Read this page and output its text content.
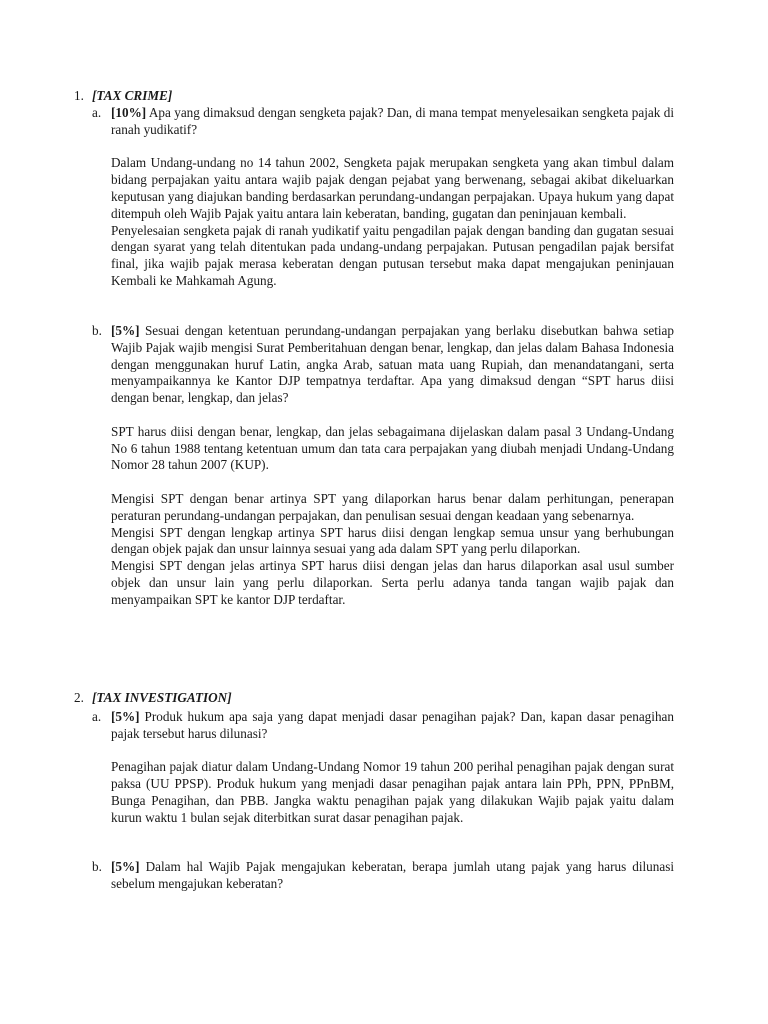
1. [TAX CRIME]
a. [10%] Apa yang dimaksud dengan sengketa pajak? Dan, di mana tempat menyelesaikan sengketa pajak di ranah yudikatif?

Dalam Undang-undang no 14 tahun 2002, Sengketa pajak merupakan sengketa yang akan timbul dalam bidang perpajakan yaitu antara wajib pajak dengan pejabat yang berwenang, sebagai akibat dikeluarkan keputusan yang diajukan banding berdasarkan perundang-undangan perpajakan. Upaya hukum yang dapat ditempuh oleh Wajib Pajak yaitu antara lain keberatan, banding, gugatan dan peninjauan kembali.

Penyelesaian sengketa pajak di ranah yudikatif yaitu pengadilan pajak dengan banding dan gugatan sesuai dengan syarat yang telah ditentukan pada undang-undang perpajakan. Putusan pengadilan pajak bersifat final, jika wajib pajak merasa keberatan dengan putusan tersebut maka dapat mengajukan peninjauan Kembali ke Mahkamah Agung.

b. [5%] Sesuai dengan ketentuan perundang-undangan perpajakan yang berlaku disebutkan bahwa setiap Wajib Pajak wajib mengisi Surat Pemberitahuan dengan benar, lengkap, dan jelas dalam Bahasa Indonesia dengan menggunakan huruf Latin, angka Arab, satuan mata uang Rupiah, dan menandatangani, serta menyampaikannya ke Kantor DJP tempatnya terdaftar. Apa yang dimaksud dengan “SPT harus diisi dengan benar, lengkap, dan jelas?

SPT harus diisi dengan benar, lengkap, dan jelas sebagaimana dijelaskan dalam pasal 3 Undang-Undang No 6 tahun 1988 tentang ketentuan umum dan tata cara perpajakan yang diubah menjadi Undang-Undang Nomor 28 tahun 2007 (KUP).

Mengisi SPT dengan benar artinya SPT yang dilaporkan harus benar dalam perhitungan, penerapan peraturan perundang-undangan perpajakan, dan penulisan sesuai dengan keadaan yang sebenarnya.

Mengisi SPT dengan lengkap artinya SPT harus diisi dengan lengkap semua unsur yang berhubungan dengan objek pajak dan unsur lainnya sesuai yang ada dalam SPT yang perlu dilaporkan.

Mengisi SPT dengan jelas artinya SPT harus diisi dengan jelas dan harus dilaporkan asal usul sumber objek dan unsur lain yang perlu dilaporkan. Serta perlu adanya tanda tangan wajib pajak dan menyampaikan SPT ke kantor DJP terdaftar.

2. [TAX INVESTIGATION]
a. [5%] Produk hukum apa saja yang dapat menjadi dasar penagihan pajak? Dan, kapan dasar penagihan pajak tersebut harus dilunasi?

Penagihan pajak diatur dalam Undang-Undang Nomor 19 tahun 200 perihal penagihan pajak dengan surat paksa (UU PPSP). Produk hukum yang menjadi dasar penagihan pajak antara lain PPh, PPN, PPnBM, Bunga Penagihan, dan PBB. Jangka waktu penagihan pajak yang dilakukan Wajib pajak yaitu dalam kurun waktu 1 bulan sejak diterbitkan surat dasar penagihan pajak.

b. [5%] Dalam hal Wajib Pajak mengajukan keberatan, berapa jumlah utang pajak yang harus dilunasi sebelum mengajukan keberatan?
